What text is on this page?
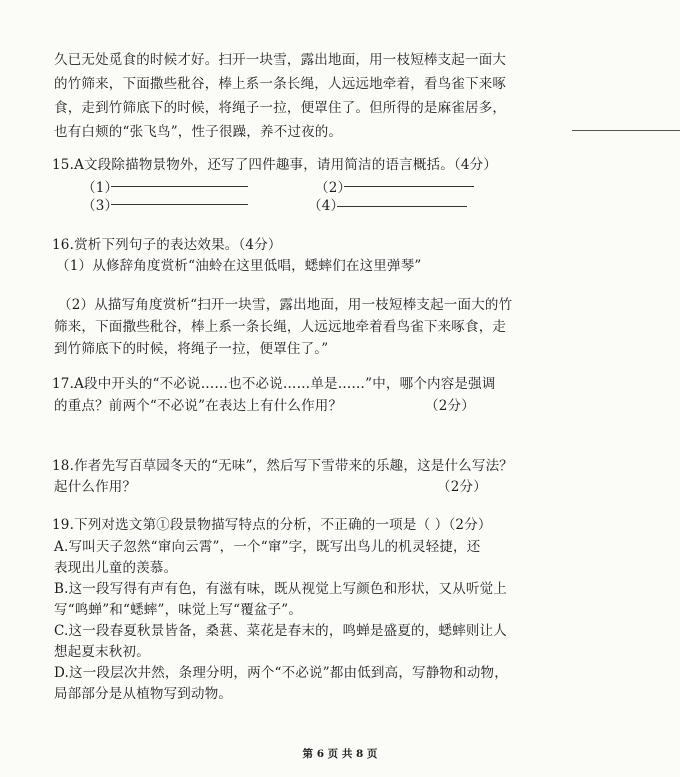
久已无处觅食的时候才好。扫开一块雪，露出地面，用一枝短棒支起一面大
的竹筛来，下面撒些秕谷，棒上系一条长绳，人远远地牵着，看鸟雀下来啄
食，走到竹筛底下的时候，将绳子一拉，便罩住了。但所得的是麻雀居多，
也有白颊的“张飞鸟”，性子很躁，养不过夜的。
15.A文段除描物景物外，还写了四件趣事，请用简洁的语言概括。（4分）
（1）	（2）
（3）	（4）
16.赏析下列句子的表达效果。（4分）
（1）从修辞角度赏析“油蛉在这里低唱，蟋蟀们在这里弹琴”
（2）从描写角度赏析“扫开一块雪，露出地面，用一枝短棒支起一面大的竹
筛来，下面撒些秕谷，棒上系一条长绳，人远远地牵着看鸟雀下来啄食，走
到竹筛底下的时候，将绳子一拉，便罩住了。”
17.A段中开头的“不必说……也不必说……单是……”中，哪个内容是强调
的重点？前两个“不必说”在表达上有什么作用？	（2分）
18.作者先写百草园冬天的“无味”，然后写下雪带来的乐趣，这是什么写法？
起什么作用？	（2分）
19.下列对选文第①段景物描写特点的分析，不正确的一项是（ ）（2分）
A.写叫天子忽然“窜向云霄”，一个“窜”字，既写出鸟儿的机灵轻捷，还
表现出儿童的羡慕。
B.这一段写得有声有色，有滋有味，既从视觉上写颜色和形状，又从听觉上
写“鸣蝉”和“蟋蟀”，味觉上写“覆盆子”。
C.这一段春夏秋景皆备，桑葚、菜花是春末的，鸣蝉是盛夏的，蟋蟀则让人
想起夏末秋初。
D.这一段层次井然，条理分明，两个“不必说”都由低到高，写静物和动物，
局部部分是从植物写到动物。
第 6 页 共 8 页
